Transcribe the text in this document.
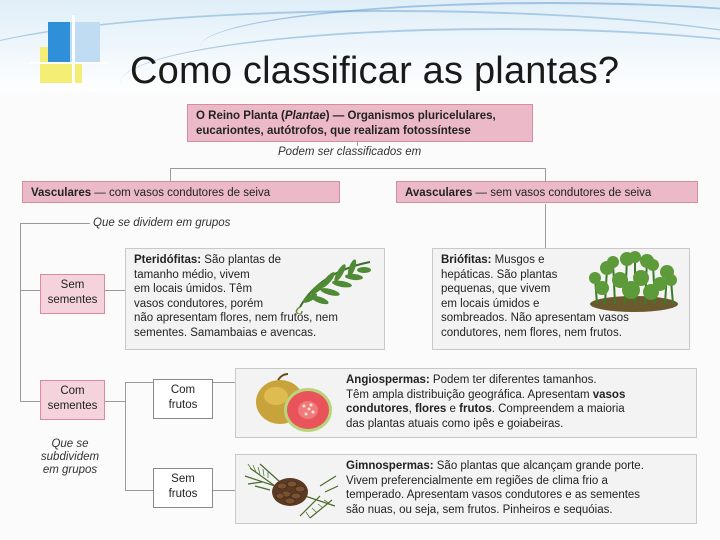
Como classificar as plantas?
O Reino Planta (Plantae) — Organismos pluricelulares,
eucariontes, autótrofos, que realizam fotossíntese
Podem ser classificados em
Vasculares — com vasos condutores de seiva	Avasculares — sem vasos condutores de seiva
Que se dividem em grupos
Sem
sementes
Com
sementes
Que se
subdividem
em grupos
Com
frutos
Sem
frutos
Pteridófitas: São plantas de
tamanho médio, vivem
em locais úmidos. Têm
vasos condutores, porém
não apresentam flores, nem frutos, nem
sementes. Samambaias e avencas.
Briófitas: Musgos e
hepáticas. São plantas
pequenas, que vivem
em locais úmidos e
sombreados. Não apresentam vasos
condutores, nem flores, nem frutos.
Angiospermas: Podem ter diferentes tamanhos.
Têm ampla distribuição geográfica. Apresentam vasos
condutores, flores e frutos. Compreendem a maioria
das plantas atuais como ipês e goiabeiras.
Gimnospermas: São plantas que alcançam grande porte.
Vivem preferencialmente em regiões de clima frio a
temperado. Apresentam vasos condutores e as sementes
são nuas, ou seja, sem frutos. Pinheiros e sequóias.
